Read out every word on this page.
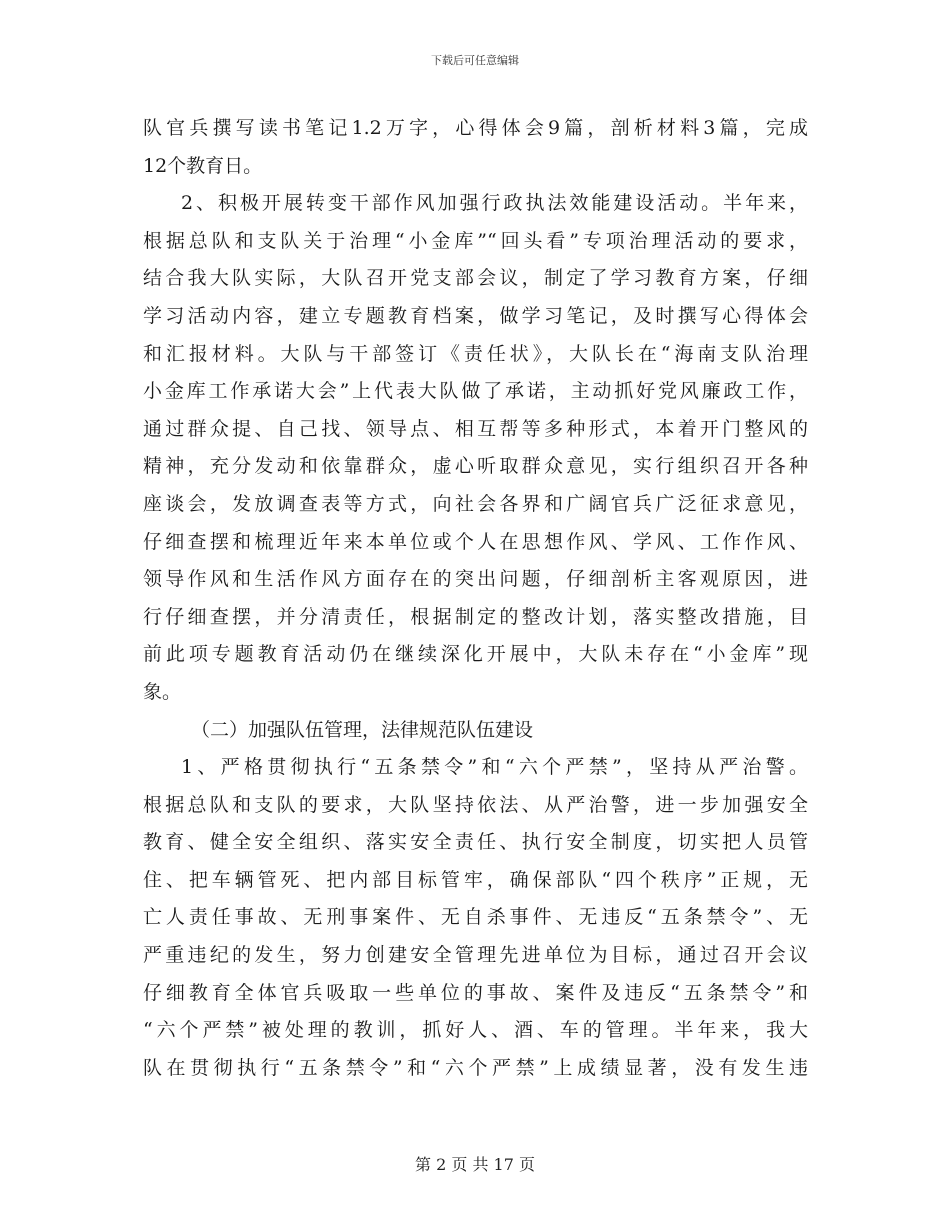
下载后可任意编辑
队官兵撰写读书笔记1.2万字，心得体会9篇，剖析材料3篇，完成
12个教育日。
2、积极开展转变干部作风加强行政执法效能建设活动。半年来，
根据总队和支队关于治理“小金库”“回头看”专项治理活动的要求，
结合我大队实际，大队召开党支部会议，制定了学习教育方案，仔细
学习活动内容，建立专题教育档案，做学习笔记，及时撰写心得体会
和汇报材料。大队与干部签订《责任状》，大队长在“海南支队治理
小金库工作承诺大会”上代表大队做了承诺，主动抓好党风廉政工作，
通过群众提、自己找、领导点、相互帮等多种形式，本着开门整风的
精神，充分发动和依靠群众，虚心听取群众意见，实行组织召开各种
座谈会，发放调查表等方式，向社会各界和广阔官兵广泛征求意见，
仔细查摆和梳理近年来本单位或个人在思想作风、学风、工作作风、
领导作风和生活作风方面存在的突出问题，仔细剖析主客观原因，进
行仔细查摆，并分清责任，根据制定的整改计划，落实整改措施，目
前此项专题教育活动仍在继续深化开展中，大队未存在“小金库”现
象。
（二）加强队伍管理，法律规范队伍建设
1、严格贯彻执行“五条禁令”和“六个严禁”，坚持从严治警。
根据总队和支队的要求，大队坚持依法、从严治警，进一步加强安全
教育、健全安全组织、落实安全责任、执行安全制度，切实把人员管
住、把车辆管死、把内部目标管牢，确保部队“四个秩序”正规，无
亡人责任事故、无刑事案件、无自杀事件、无违反“五条禁令”、无
严重违纪的发生，努力创建安全管理先进单位为目标，通过召开会议
仔细教育全体官兵吸取一些单位的事故、案件及违反“五条禁令”和
“六个严禁”被处理的教训，抓好人、酒、车的管理。半年来，我大
队在贯彻执行“五条禁令”和“六个严禁”上成绩显著，没有发生违
第 2 页 共 17 页
